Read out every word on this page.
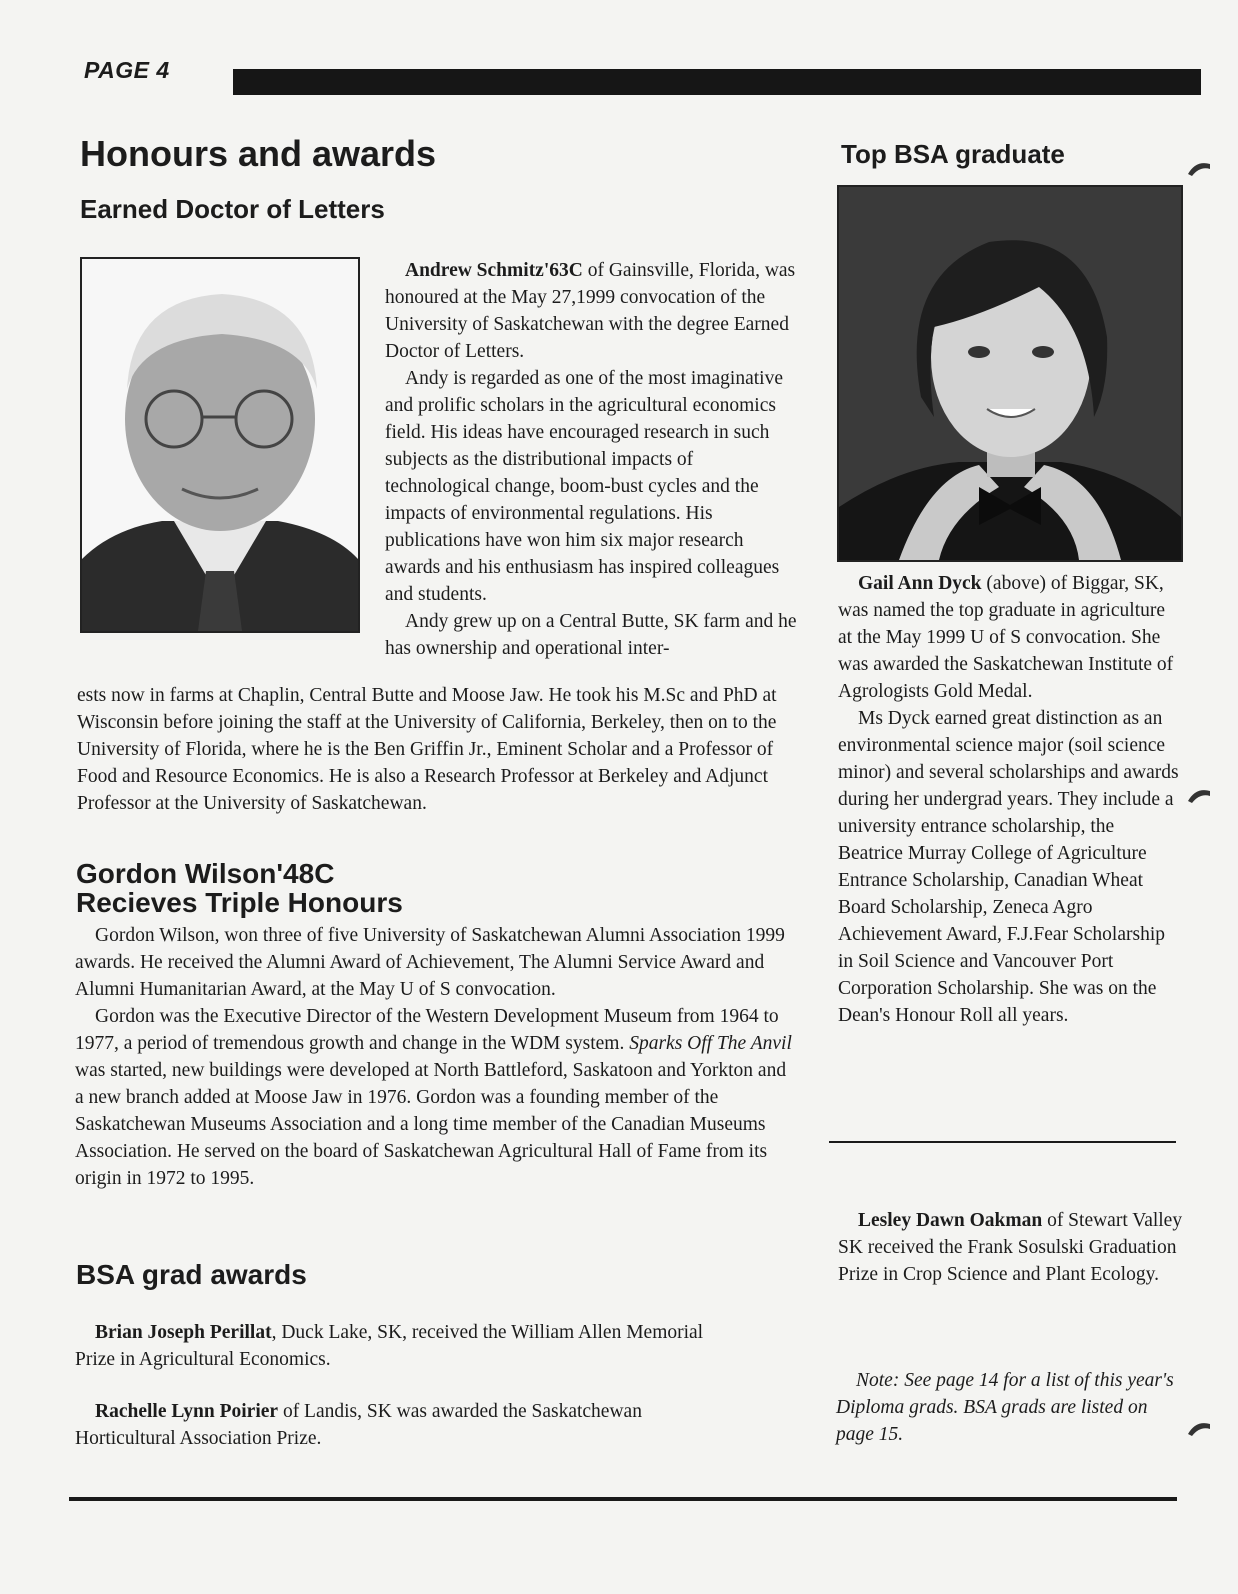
PAGE 4
Honours and awards
Earned Doctor of Letters

Andrew Schmitz'63C of Gainsville, Florida, was honoured at the May 27,1999 convocation of the University of Saskatchewan with the degree Earned Doctor of Letters.

Andy is regarded as one of the most imaginative and prolific scholars in the agricultural economics field. His ideas have encouraged research in such subjects as the distributional impacts of technological change, boom-bust cycles and the impacts of environmental regulations. His publications have won him six major research awards and his enthusiasm has inspired colleagues and students.

Andy grew up on a Central Butte, SK farm and he has ownership and operational inter-

ests now in farms at Chaplin, Central Butte and Moose Jaw. He took his M.Sc and PhD at Wisconsin before joining the staff at the University of California, Berkeley, then on to the University of Florida, where he is the Ben Griffin Jr., Eminent Scholar and a Professor of Food and Resource Economics. He is also a Research Professor at Berkeley and Adjunct Professor at the University of Saskatchewan.

Gordon Wilson'48C
Recieves Triple Honours

Gordon Wilson, won three of five University of Saskatchewan Alumni Association 1999 awards. He received the Alumni Award of Achievement, The Alumni Service Award and Alumni Humanitarian Award, at the May U of S convocation.

Gordon was the Executive Director of the Western Development Museum from 1964 to 1977, a period of tremendous growth and change in the WDM system. Sparks Off The Anvil was started, new buildings were developed at North Battleford, Saskatoon and Yorkton and a new branch added at Moose Jaw in 1976. Gordon was a founding member of the Saskatchewan Museums Association and a long time member of the Canadian Museums Association. He served on the board of Saskatchewan Agricultural Hall of Fame from its origin in 1972 to 1995.

BSA grad awards

Brian Joseph Perillat, Duck Lake, SK, received the William Allen Memorial Prize in Agricultural Economics.

Rachelle Lynn Poirier of Landis, SK was awarded the Saskatchewan Horticultural Association Prize.

Top BSA graduate

Gail Ann Dyck (above) of Biggar, SK, was named the top graduate in agriculture at the May 1999 U of S convocation. She was awarded the Saskatchewan Institute of Agrologists Gold Medal.

Ms Dyck earned great distinction as an environmental science major (soil science minor) and several scholarships and awards during her undergrad years. They include a university entrance scholarship, the Beatrice Murray College of Agriculture Entrance Scholarship, Canadian Wheat Board Scholarship, Zeneca Agro Achievement Award, F.J.Fear Scholarship in Soil Science and Vancouver Port Corporation Scholarship. She was on the Dean's Honour Roll all years.

Lesley Dawn Oakman of Stewart Valley SK received the Frank Sosulski Graduation Prize in Crop Science and Plant Ecology.

Note: See page 14 for a list of this year's Diploma grads. BSA grads are listed on page 15.
